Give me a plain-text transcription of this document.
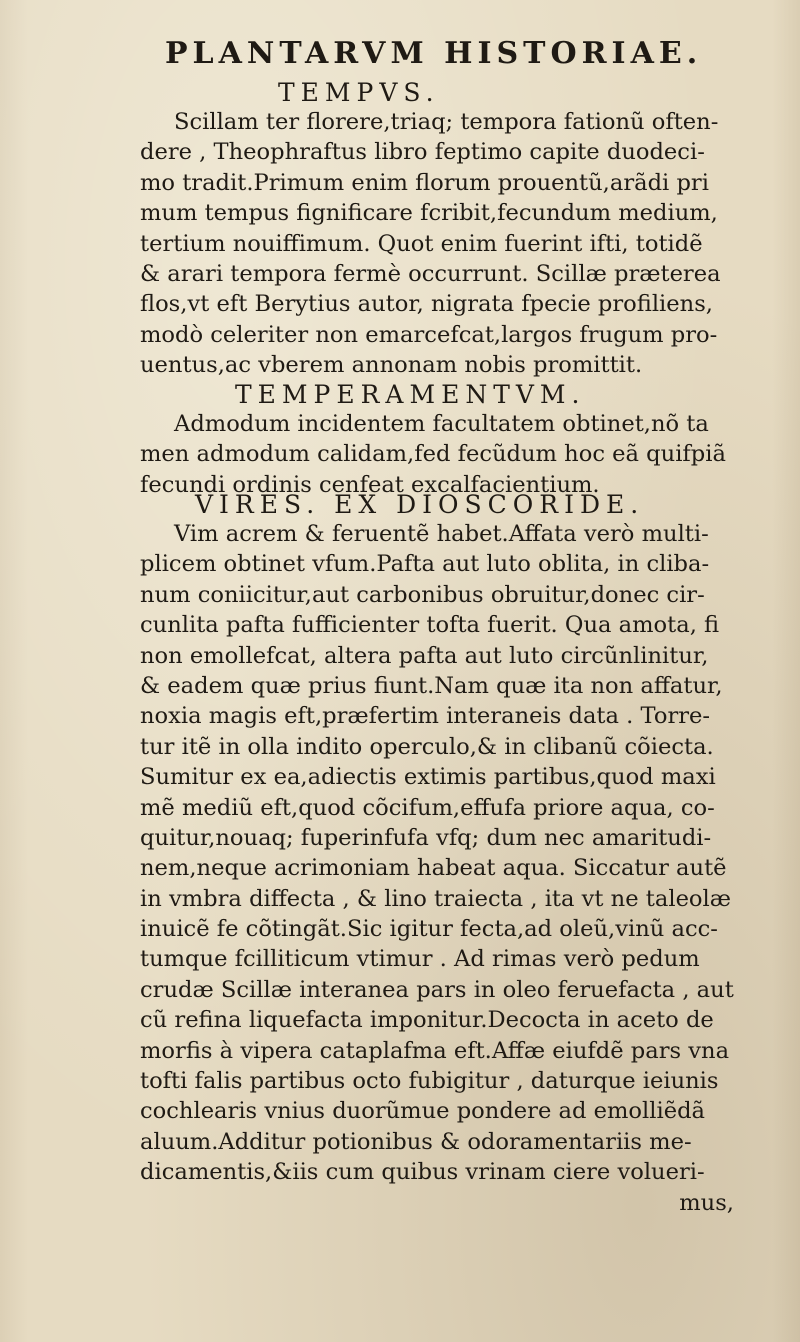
PLANTARVM HISTORIAE.
TEMPVS.
Scillam ter florere,triaq; tempora fationũ often-
dere , Theophraftus libro feptimo capite duodeci-
mo tradit.Primum enim florum prouentũ,arãdi pri
mum tempus fignificare fcribit,fecundum medium,
tertium nouiffimum. Quot enim fuerint ifti, totidẽ
& arari tempora fermè occurrunt. Scillæ prӕterea
flos,vt eft Berytius autor, nigrata fpecie profiliens,
modò celeriter non emarcefcat,largos frugum pro-
uentus,ac vberem annonam nobis promittit.
TEMPERAMENTVM.
Admodum incidentem facultatem obtinet,nõ ta
men admodum calidam,fed fecũdum hoc eã quifpiã
fecundi ordinis cenfeat excalfacientium.
VIRES. EX DIOSCORIDE.
Vim acrem & feruentẽ habet.Affata verò multi-
plicem obtinet vfum.Pafta aut luto oblita, in cliba-
num coniicitur,aut carbonibus obruitur,donec cir-
cunlita pafta fufficienter tofta fuerit. Qua amota, fi
non emollefcat, altera pafta aut luto circũnlinitur,
& eadem quæ prius fiunt.Nam quæ ita non affatur,
noxia magis eft,præfertim interaneis data . Torre-
tur itẽ in olla indito operculo,& in clibanũ cõiecta.
Sumitur ex ea,adiectis extimis partibus,quod maxi
mẽ mediũ eft,quod cõcifum,effufa priore aqua, co-
quitur,nouaq; fuperinfufa vfq; dum nec amaritudi-
nem,neque acrimoniam habeat aqua. Siccatur autẽ
in vmbra diffecta , & lino traiecta , ita vt ne taleolæ
inuicẽ fe cõtingãt.Sic igitur fecta,ad oleũ,vinũ acc-
tumque fcilliticum vtimur . Ad rimas verò pedum
crudæ Scillæ interanea pars in oleo feruefacta , aut
cũ refina liquefacta imponitur.Decocta in aceto de
morfis à vipera cataplafma eft.Affæ eiufdẽ pars vna
tofti falis partibus octo fubigitur , daturque ieiunis
cochlearis vnius duorũmue pondere ad emolliẽdã
aluum.Additur potionibus & odoramentariis me-
dicamentis,&iis cum quibus vrinam ciere volueri-
mus,
